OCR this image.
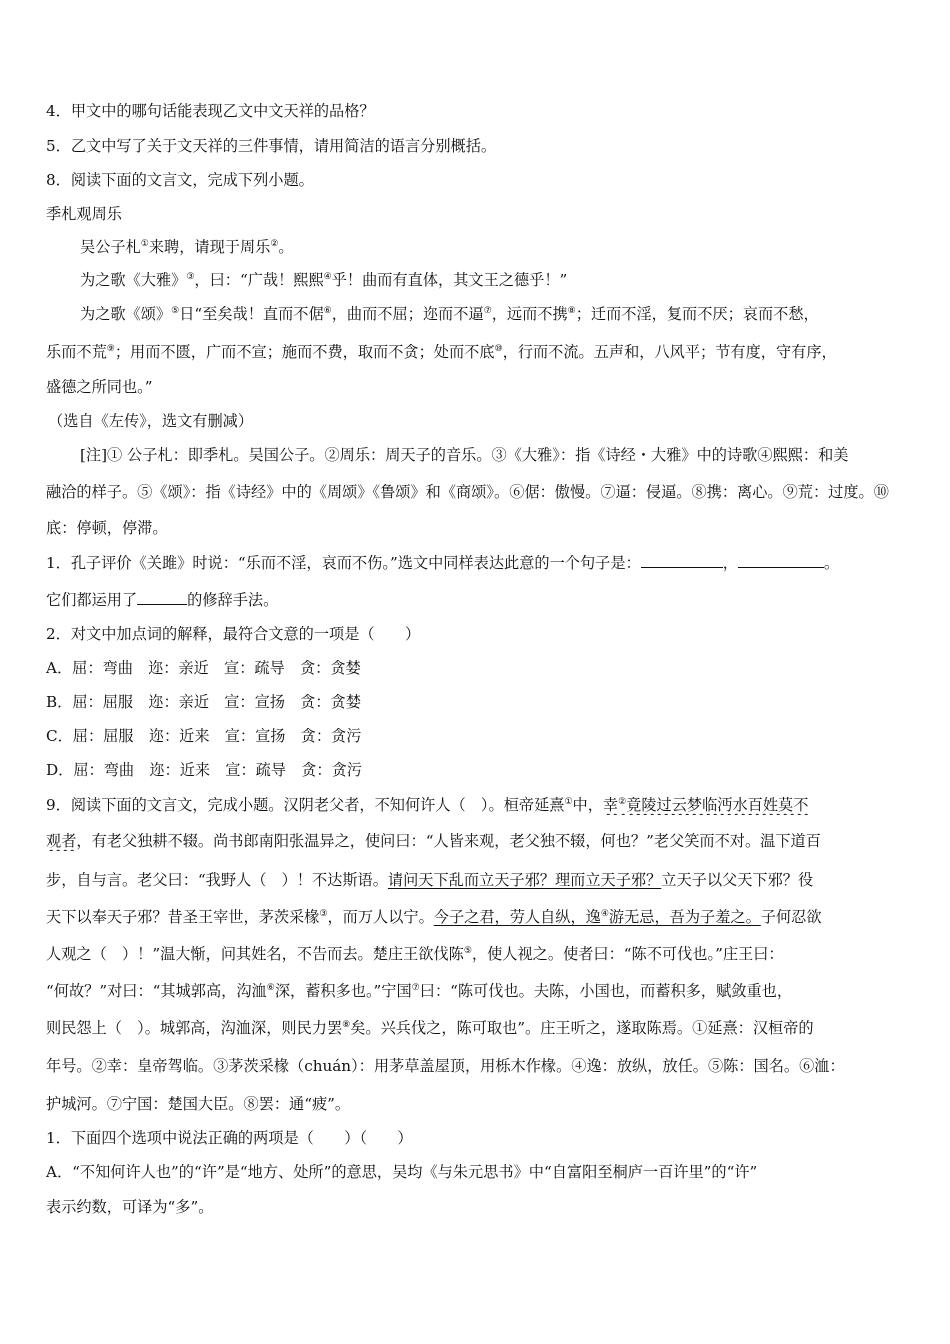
4．甲文中的哪句话能表现乙文中文天祥的品格？
5．乙文中写了关于文天祥的三件事情，请用简洁的语言分别概括。
8．阅读下面的文言文，完成下列小题。
季札观周乐
吴公子札①来聘，请现于周乐②。
为之歌《大雅》③，曰：“广哉！熙熙④乎！曲而有直体，其文王之德乎！”
为之歌《颂》⑤日“至矣哉！直而不倨⑥，曲而不屈；迩而不逼⑦，远而不携⑧；迁而不淫，复而不厌；哀而不愁，
乐而不荒⑨；用而不匮，广而不宣；施而不费，取而不贪；处而不底⑩，行而不流。五声和，八风平；节有度，守有序，
盛德之所同也。”
（选自《左传》，选文有删减）
[注]① 公子札：即季札。吴国公子。②周乐：周天子的音乐。③《大雅》：指《诗经・大雅》中的诗歌④熙熙：和美
融洽的样子。⑤《颂》：指《诗经》中的《周颂》《鲁颂》和《商颂》。⑥倨：傲慢。⑦逼：侵逼。⑧携：离心。⑨荒：过度。⑩
底：停顿，停滞。
1．孔子评价《关雎》时说：“乐而不淫，哀而不伤。”选文中同样表达此意的一个句子是：	，	。
它们都运用了	的修辞手法。
2．对文中加点词的解释，最符合文意的一项是（　　）
A．屈：弯曲　 迩：亲近　 宣：疏导　 贪：贪婪
B．屈：屈服　 迩：亲近　 宣：宣扬　 贪：贪婪
C．屈：屈服　 迩：近来　 宣：宣扬　 贪：贪污
D．屈：弯曲　 迩：近来　 宣：疏导　 贪：贪污
9．阅读下面的文言文，完成小题。汉阴老父者，不知何许人（　）。桓帝延熹①中，幸②竟陵过云梦临沔水百姓莫不
观者，有老父独耕不辍。尚书郎南阳张温异之，使问曰：“人皆来观，老父独不辍，何也？”老父笑而不对。温下道百
步，自与言。老父曰：“我野人（　）！不达斯语。请问天下乱而立天子邪？理而立天子邪？立天子以父天下邪？役
天下以奉天子邪？昔圣王宰世，茅茨采椽③，而万人以宁。今子之君，劳人自纵，逸④游无忌，吾为子羞之。子何忍欲
人观之（　）！”温大惭，问其姓名，不告而去。楚庄王欲伐陈⑤，使人视之。使者曰：“陈不可伐也。”庄王曰：
“何故？”对曰：“其城郭高，沟洫⑥深，蓄积多也。”宁国⑦曰：“陈可伐也。夫陈，小国也，而蓄积多，赋敛重也，
则民怨上（　）。城郭高，沟洫深，则民力罢⑧矣。兴兵伐之，陈可取也”。庄王听之，遂取陈焉。①延熹：汉桓帝的
年号。②幸：皇帝驾临。③茅茨采椽（chuán）：用茅草盖屋顶，用栎木作椽。④逸：放纵，放任。⑤陈：国名。⑥洫：
护城河。⑦宁国：楚国大臣。⑧罢：通“疲”。
1．下面四个选项中说法正确的两项是（　　）（　　）
A．“不知何许人也”的“许”是“地方、处所”的意思，吴均《与朱元思书》中“自富阳至桐庐一百许里”的“许”
表示约数，可译为“多”。
